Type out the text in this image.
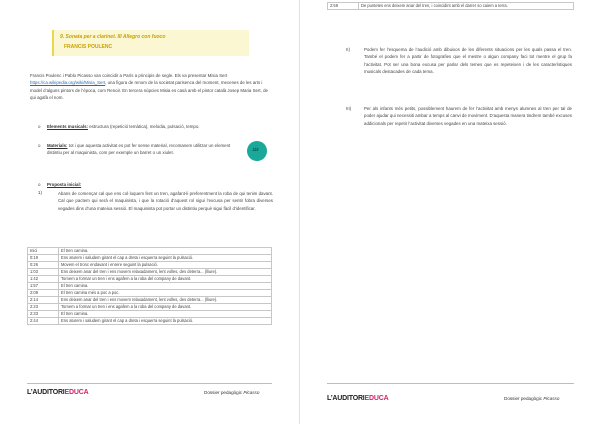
9. Sonata per a clarinet. III Allegro con fuoco
FRANCIS POULENC
Francis Poulenc i Pablo Picasso van coincidir a París a principis de segle. Els va presentar Misia Sert https://ca.wikipedia.org/wiki/Misia_Sert, una figura de renom de la societat parisenca del moment, mecenes de les arts i model d’alguns pintors de l’època, com Renoir. En tercera núpcies Misia es casà amb el pintor català Josep Maria Sert, de qui agafà el nom.
o Elements musicals: estructura (repetició temàtica), melodia, pulsació, tempo.
o Materials: tot i que aquesta activitat es pot fer sense material, recomanem utilitzar un element distintiu per al maquinista, com per exemple un barret o un xiulet.	♪♪♪
o Proposta inicial:
1)	Abans de començar cal que ens col·loquem fent un tren, agafant-li preferentment la roba de qui tenim davant. Cal que pactem qui serà el maquinista, i que la rotació d’aquest rol sigui l’excusa per sentir fobra diverses vegades dins d’una mateixa sessió. El maquinista pot portar un distintiu perquè sigui fàcil d’identificar.
Inici	El tren camina.
0:19	Ens aturem i saludem girant el cap a dreta i esquerra seguint la pulsació.
0:26	Movem el tronc endavant i enrere seguint la pulsació.
1:03	Ens deixem anar del tren i ens movem relaxadament, lent volles, des deterra... (lliure).
1:42	Tornem a formar un tren i ens agafem a la roba del company de davant.
1:57	El tren camina.
2:09	El tren camina més a poc a poc.
2:14	Ens deixem anar del tren i ens movem relaxadament, lent volles, des deterra... (lliure).
2:23	Tornem a formar un tren i ens agafem a la roba del company de davant.
2:33	El tren camina.
2:44	Ens aturem i saludem girant el cap a dreta i esquerra seguint la pulsació.
L’AUDITORIEDUCA	Dossier pedagògic Picasso
2:59	De puntetes ens deixem anar del tren, i coincidint amb el darrer so caiem a terra.
II)	Podem fer l’esquema de l’audició amb dibuixos de les diferents situacions per les quals passa el tren. També el podem fer a partir de fotografies que el mestre o algun company faci tot mentre el grup fa l’activitat. Pot ser una bona excusa per parlar dels temes que es repeteixen i de les característiques musicals destacades de cada tema.
III)	Per als infants més petits, possiblement haurem de fer l’activitat amb menys alumnes al tren per tal de poder ajudar qui necessiti ambar a temps al canvi de moviment. D’aquesta manera tindrem també excuses addicionals per repetir l’activitat diverses vegades en una mateixa sessió.
L’AUDITORIEDUCA	Dossier pedagògic Picasso
